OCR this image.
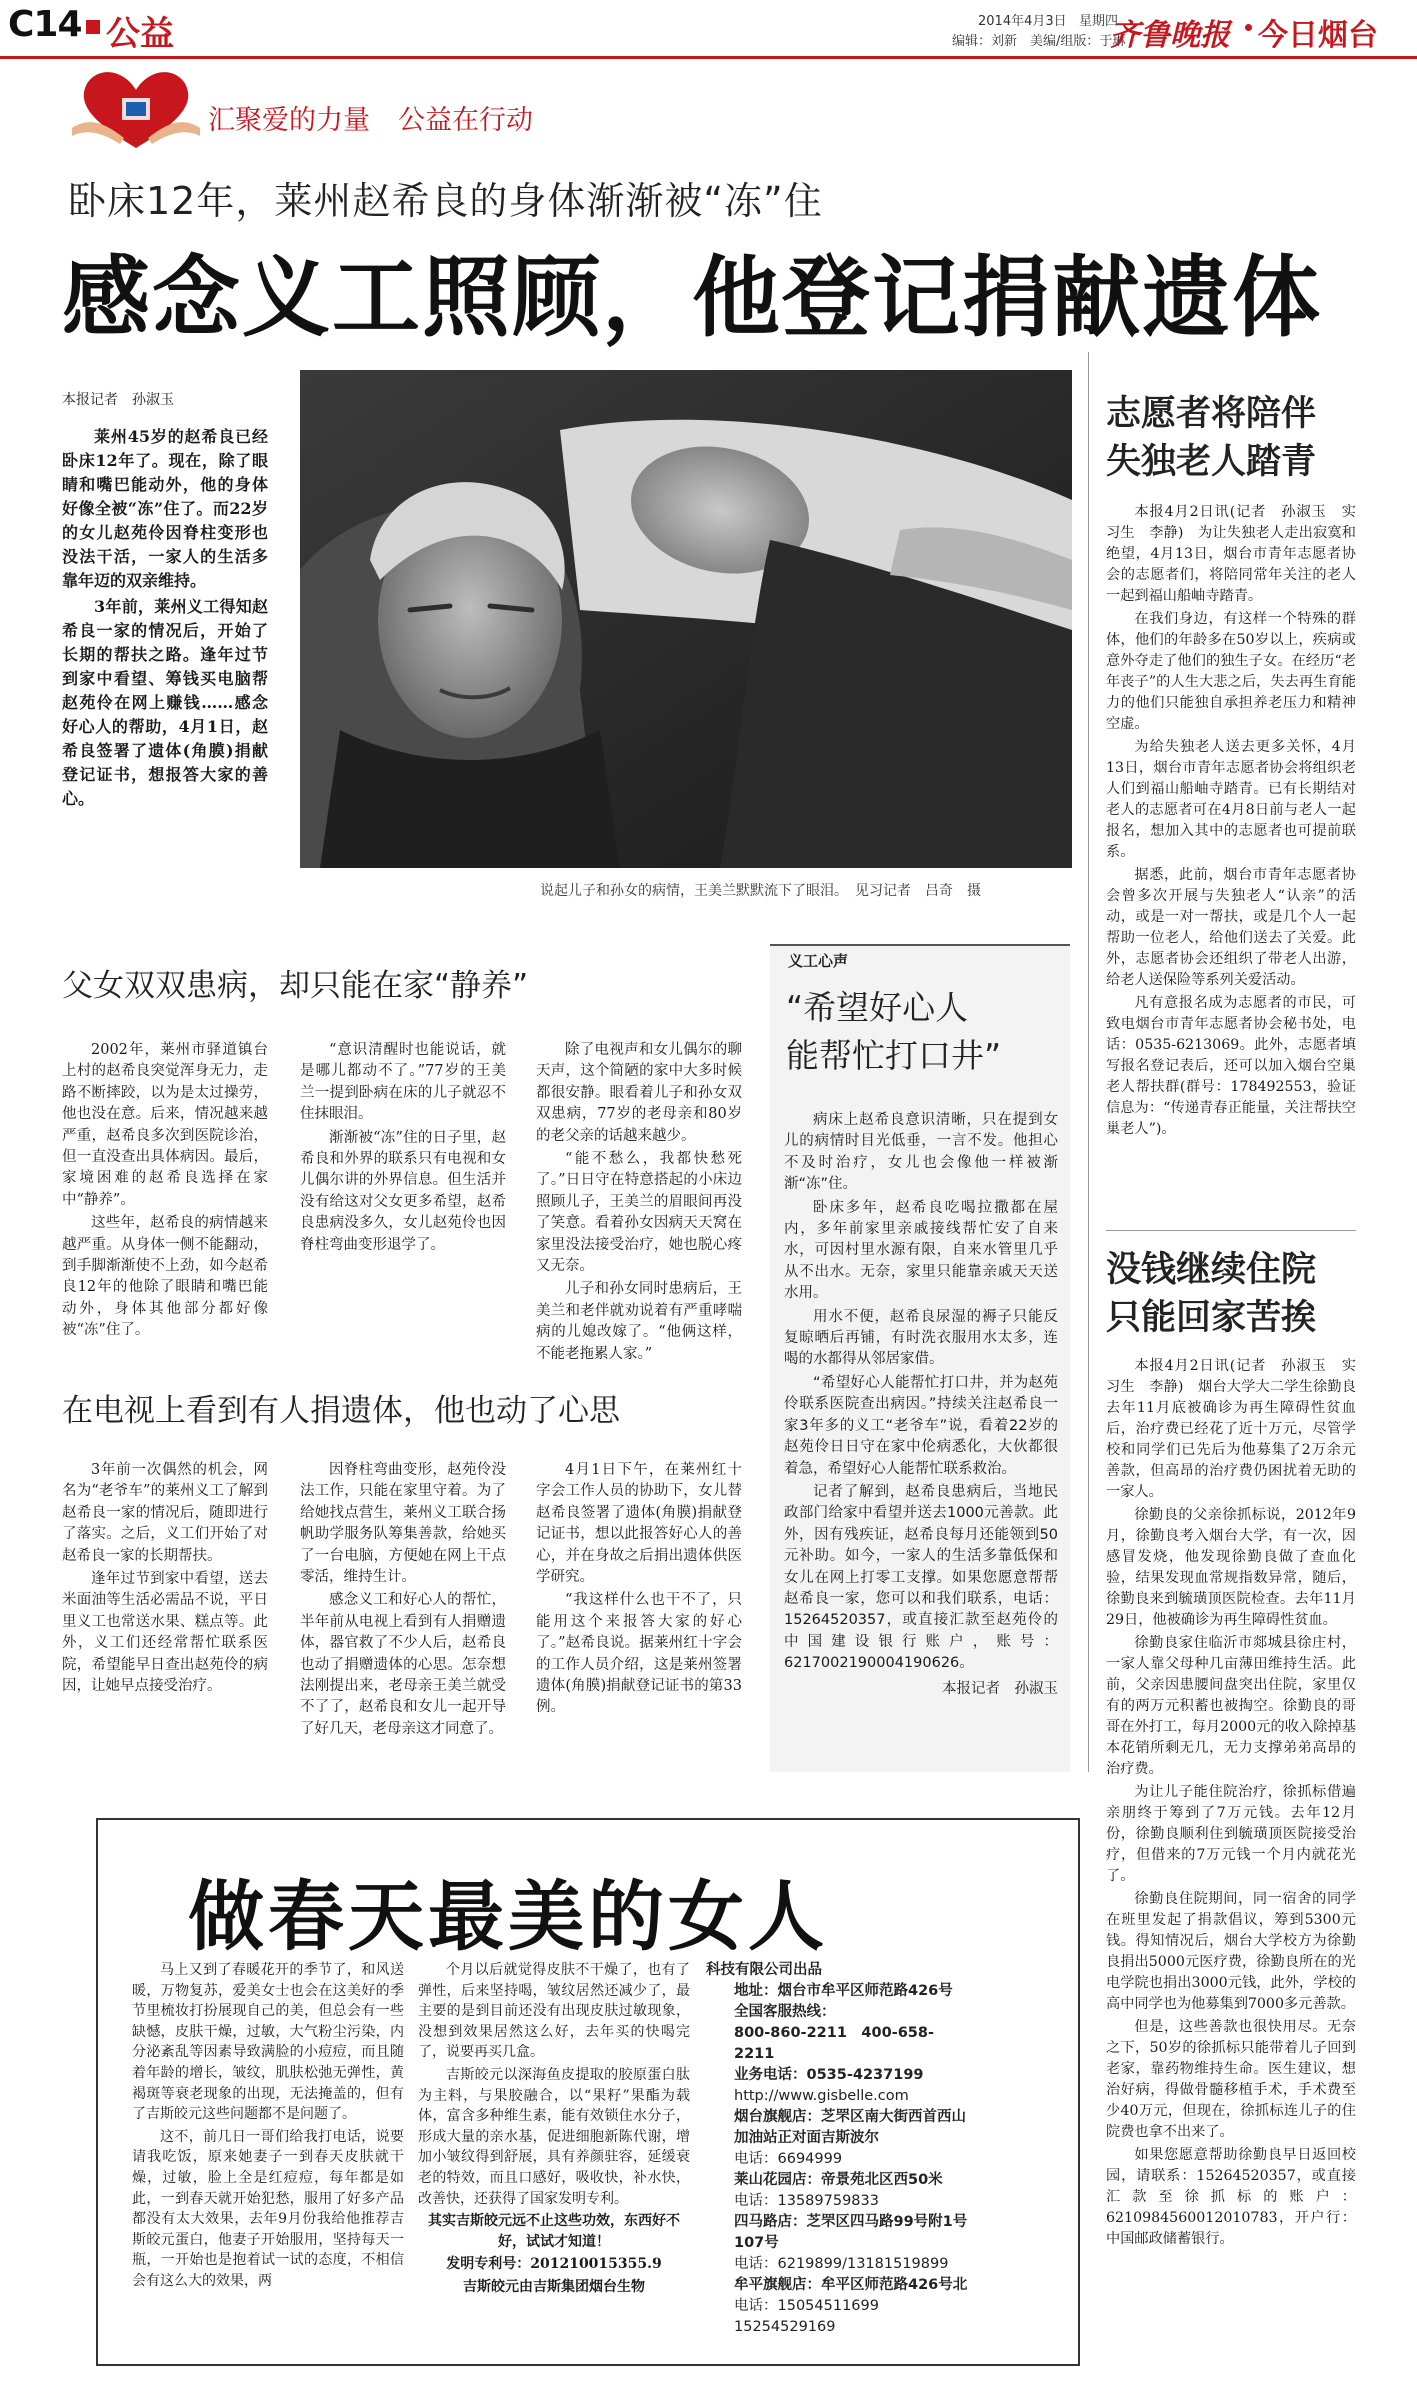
C14 公益	2014年4月3日 星期四
编辑：刘新　美编/组版：于琳
齐鲁晚报 今日烟台
汇聚爱的力量 公益在行动
卧床12年，莱州赵希良的身体渐渐被“冻”住
感念义工照顾，他登记捐献遗体

本报记者　孙淑玉

莱州45岁的赵希良已经卧床12年了。现在，除了眼睛和嘴巴能动外，他的身体好像全被“冻”住了。而22岁的女儿赵苑伶因脊柱变形也没法干活，一家人的生活多靠年迈的双亲维持。

3年前，莱州义工得知赵希良一家的情况后，开始了长期的帮扶之路。逢年过节到家中看望、筹钱买电脑帮赵苑伶在网上赚钱……感念好心人的帮助，4月1日，赵希良签署了遗体(角膜)捐献登记证书，想报答大家的善心。

说起儿子和孙女的病情，王美兰默默流下了眼泪。　见习记者　吕奇　摄
父女双双患病，却只能在家“静养”

2002年，莱州市驿道镇台上村的赵希良突觉浑身无力，走路不断摔跤，以为是太过操劳，他也没在意。后来，情况越来越严重，赵希良多次到医院诊治，但一直没查出具体病因。最后，家境困难的赵希良选择在家中“静养”。

这些年，赵希良的病情越来越严重。从身体一侧不能翻动，到手脚渐渐使不上劲，如今赵希良12年的他除了眼睛和嘴巴能动外，身体其他部分都好像被“冻”住了。

“意识清醒时也能说话，就是哪儿都动不了。”77岁的王美兰一提到卧病在床的儿子就忍不住抹眼泪。

渐渐被“冻”住的日子里，赵希良和外界的联系只有电视和女儿偶尔讲的外界信息。但生活并没有给这对父女更多希望，赵希良患病没多久，女儿赵苑伶也因脊柱弯曲变形退学了。

除了电视声和女儿偶尔的聊天声，这个简陋的家中大多时候都很安静。眼看着儿子和孙女双双患病，77岁的老母亲和80岁的老父亲的话越来越少。

“能不愁么，我都快愁死了。”日日守在特意搭起的小床边照顾儿子，王美兰的眉眼间再没了笑意。看着孙女因病天天窝在家里没法接受治疗，她也脱心疼又无奈。

儿子和孙女同时患病后，王美兰和老伴就劝说着有严重哮喘病的儿媳改嫁了。“他俩这样，不能老拖累人家。”

在电视上看到有人捐遗体，他也动了心思

3年前一次偶然的机会，网名为“老爷车”的莱州义工了解到赵希良一家的情况后，随即进行了落实。之后，义工们开始了对赵希良一家的长期帮扶。

逢年过节到家中看望，送去米面油等生活必需品不说，平日里义工也常送水果、糕点等。此外，义工们还经常帮忙联系医院，希望能早日查出赵苑伶的病因，让她早点接受治疗。

因脊柱弯曲变形，赵苑伶没法工作，只能在家里守着。为了给她找点营生，莱州义工联合扬帆助学服务队筹集善款，给她买了一台电脑，方便她在网上干点零活，维持生计。

感念义工和好心人的帮忙，半年前从电视上看到有人捐赠遗体，器官救了不少人后，赵希良也动了捐赠遗体的心思。怎奈想法刚提出来，老母亲王美兰就受不了了，赵希良和女儿一起开导了好几天，老母亲这才同意了。

4月1日下午，在莱州红十字会工作人员的协助下，女儿替赵希良签署了遗体(角膜)捐献登记证书，想以此报答好心人的善心，并在身故之后捐出遗体供医学研究。

“我这样什么也干不了，只能用这个来报答大家的好心了。”赵希良说。据莱州红十字会的工作人员介绍，这是莱州签署遗体(角膜)捐献登记证书的第33例。

义工心声
“希望好心人
能帮忙打口井”

病床上赵希良意识清晰，只在提到女儿的病情时目光低垂，一言不发。他担心不及时治疗，女儿也会像他一样被渐渐“冻”住。

卧床多年，赵希良吃喝拉撒都在屋内，多年前家里亲戚接线帮忙安了自来水，可因村里水源有限，自来水管里几乎从不出水。无奈，家里只能靠亲戚天天送水用。

用水不便，赵希良尿湿的褥子只能反复晾晒后再铺，有时洗衣服用水太多，连喝的水都得从邻居家借。

“希望好心人能帮忙打口井，并为赵苑伶联系医院查出病因。”持续关注赵希良一家3年多的义工“老爷车”说，看着22岁的赵苑伶日日守在家中伦病悉化，大伙都很着急，希望好心人能帮忙联系救治。

记者了解到，赵希良患病后，当地民政部门给家中看望并送去1000元善款。此外，因有残疾证，赵希良每月还能领到50元补助。如今，一家人的生活多靠低保和女儿在网上打零工支撑。如果您愿意帮帮赵希良一家，您可以和我们联系，电话：15264520357，或直接汇款至赵苑伶的中国建设银行账户，账号：6217002190004190626。

本报记者　孙淑玉

志愿者将陪伴
失独老人踏青

本报4月2日讯(记者　孙淑玉　实习生　李静)　为让失独老人走出寂寞和绝望，4月13日，烟台市青年志愿者协会的志愿者们，将陪同常年关注的老人一起到福山船岫寺踏青。

在我们身边，有这样一个特殊的群体，他们的年龄多在50岁以上，疾病或意外夺走了他们的独生子女。在经历“老年丧子”的人生大悲之后，失去再生育能力的他们只能独自承担养老压力和精神空虚。

为给失独老人送去更多关怀，4月13日，烟台市青年志愿者协会将组织老人们到福山船岫寺踏青。已有长期结对老人的志愿者可在4月8日前与老人一起报名，想加入其中的志愿者也可提前联系。

据悉，此前，烟台市青年志愿者协会曾多次开展与失独老人“认亲”的活动，或是一对一帮扶，或是几个人一起帮助一位老人，给他们送去了关爱。此外，志愿者协会还组织了带老人出游，给老人送保险等系列关爱活动。

凡有意报名成为志愿者的市民，可致电烟台市青年志愿者协会秘书处，电话：0535-6213069。此外，志愿者填写报名登记表后，还可以加入烟台空巢老人帮扶群(群号：178492553，验证信息为：“传递青春正能量，关注帮扶空巢老人”)。

没钱继续住院
只能回家苦挨

本报4月2日讯(记者　孙淑玉　实习生　李静)　烟台大学大二学生徐勤良去年11月底被确诊为再生障碍性贫血后，治疗费已经花了近十万元，尽管学校和同学们已先后为他募集了2万余元善款，但高昂的治疗费仍困扰着无助的一家人。

徐勤良的父亲徐抓标说，2012年9月，徐勤良考入烟台大学，有一次，因感冒发烧，他发现徐勤良做了查血化验，结果发现血常规指数异常，随后，徐勤良来到毓璜顶医院检查。去年11月29日，他被确诊为再生障碍性贫血。

徐勤良家住临沂市郯城县徐庄村，一家人靠父母种几亩薄田维持生活。此前，父亲因患腰间盘突出住院，家里仅有的两万元积蓄也被掏空。徐勤良的哥哥在外打工，每月2000元的收入除掉基本花销所剩无几，无力支撑弟弟高昂的治疗费。

为让儿子能住院治疗，徐抓标借遍亲朋终于筹到了7万元钱。去年12月份，徐勤良顺利住到毓璜顶医院接受治疗，但借来的7万元钱一个月内就花光了。

徐勤良住院期间，同一宿舍的同学在班里发起了捐款倡议，筹到5300元钱。得知情况后，烟台大学校方为徐勤良捐出5000元医疗费，徐勤良所在的光电学院也捐出3000元钱，此外，学校的高中同学也为他募集到7000多元善款。

但是，这些善款也很快用尽。无奈之下，50岁的徐抓标只能带着儿子回到老家，靠药物维持生命。医生建议，想治好病，得做骨髓移植手术，手术费至少40万元，但现在，徐抓标连儿子的住院费也拿不出来了。

如果您愿意帮助徐勤良早日返回校园，请联系：15264520357，或直接汇款至徐抓标的账户：6210984560012010783，开户行：中国邮政储蓄银行。

做春天最美的女人

马上又到了春暖花开的季节了，和风送暖，万物复苏，爱美女士也会在这美好的季节里梳妆打扮展现自己的美，但总会有一些缺憾，皮肤干燥，过敏，大气粉尘污染，内分泌紊乱等因素导致满脸的小痘痘，而且随着年龄的增长，皱纹，肌肤松弛无弹性，黄褐斑等衰老现象的出现，无法掩盖的，但有了吉斯皎元这些问题都不是问题了。

这不，前几日一哥们给我打电话，说要请我吃饭，原来她妻子一到春天皮肤就干燥，过敏，脸上全是红痘痘，每年都是如此，一到春天就开始犯愁，服用了好多产品都没有太大效果，去年9月份我给他推荐吉斯皎元蛋白，他妻子开始服用，坚持每天一瓶，一开始也是抱着试一试的态度，不相信会有这么大的效果，两

个月以后就觉得皮肤不干燥了，也有了弹性，后来坚持喝，皱纹居然还减少了，最主要的是到目前还没有出现皮肤过敏现象，没想到效果居然这么好，去年买的快喝完了，说要再买几盒。

吉斯皎元以深海鱼皮提取的胶原蛋白肽为主料，与果胶融合，以“果籽”果酯为载体，富含多种维生素，能有效锁住水分子，形成大量的亲水基，促进细胞新陈代谢，增加小皱纹得到舒展，具有养颜驻容，延缓衰老的特效，而且口感好，吸收快，补水快，改善快，还获得了国家发明专利。

其实吉斯皎元远不止这些功效，东西好不好，试试才知道！

发明专利号：201210015355.9

吉斯皎元由吉斯集团烟台生物

科技有限公司出品
地址：烟台市牟平区师范路426号
全国客服热线：
800-860-2211　400-658-2211
业务电话：0535-4237199
http://www.gisbelle.com
烟台旗舰店：芝罘区南大街西首西山加油站正对面吉斯波尔
电话：6694999
莱山花园店：帝景苑北区西50米
电话：13589759833
四马路店：芝罘区四马路99号附1号107号
电话：6219899/13181519899
牟平旗舰店：牟平区师范路426号北
电话：15054511699　15254529169
